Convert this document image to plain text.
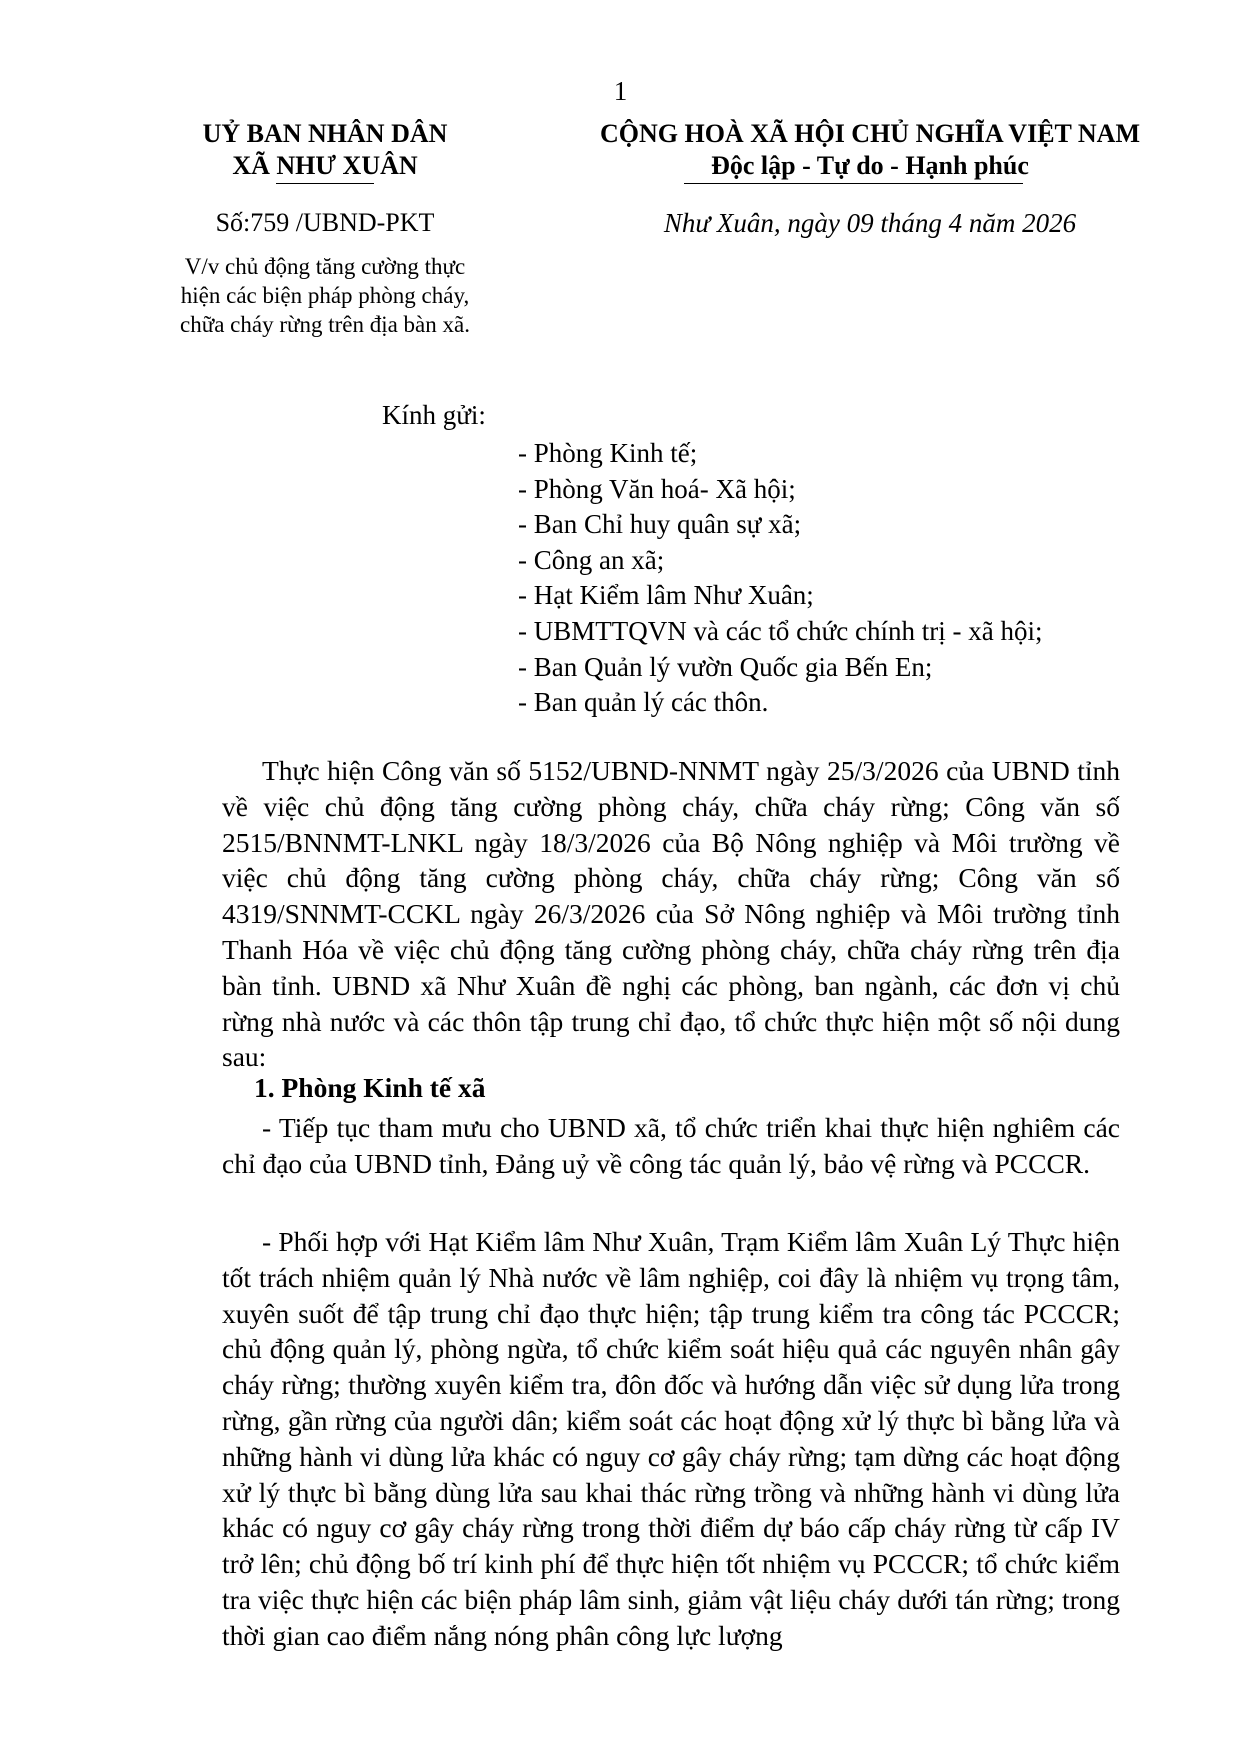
1
UỶ BAN NHÂN DÂN
XÃ NHƯ XUÂN
CỘNG HOÀ XÃ HỘI CHỦ NGHĨA VIỆT NAM
Độc lập - Tự do - Hạnh phúc
Số:759 /UBND-PKT	Như Xuân, ngày 09 tháng 4 năm 2026
V/v chủ động tăng cường thực
hiện các biện pháp phòng cháy,
chữa cháy rừng trên địa bàn xã.
Kính gửi:
- Phòng Kinh tế;
- Phòng Văn hoá- Xã hội;
- Ban Chỉ huy quân sự xã;
- Công an xã;
- Hạt Kiểm lâm Như Xuân;
- UBMTTQVN và các tổ chức chính trị - xã hội;
- Ban Quản lý vườn Quốc gia Bến En;
- Ban quản lý các thôn.

Thực hiện Công văn số 5152/UBND-NNMT ngày 25/3/2026 của UBND tỉnh về việc chủ động tăng cường phòng cháy, chữa cháy rừng; Công văn số 2515/BNNMT-LNKL ngày 18/3/2026 của Bộ Nông nghiệp và Môi trường về việc chủ động tăng cường phòng cháy, chữa cháy rừng; Công văn số 4319/SNNMT-CCKL ngày 26/3/2026 của Sở Nông nghiệp và Môi trường tỉnh Thanh Hóa về việc chủ động tăng cường phòng cháy, chữa cháy rừng trên địa bàn tỉnh. UBND xã Như Xuân đề nghị các phòng, ban ngành, các đơn vị chủ rừng nhà nước và các thôn tập trung chỉ đạo, tổ chức thực hiện một số nội dung sau:

1. Phòng Kinh tế xã

- Tiếp tục tham mưu cho UBND xã, tổ chức triển khai thực hiện nghiêm các chỉ đạo của UBND tỉnh, Đảng uỷ về công tác quản lý, bảo vệ rừng và PCCCR.

- Phối hợp với Hạt Kiểm lâm Như Xuân, Trạm Kiểm lâm Xuân Lý Thực hiện tốt trách nhiệm quản lý Nhà nước về lâm nghiệp, coi đây là nhiệm vụ trọng tâm, xuyên suốt để tập trung chỉ đạo thực hiện; tập trung kiểm tra công tác PCCCR; chủ động quản lý, phòng ngừa, tổ chức kiểm soát hiệu quả các nguyên nhân gây cháy rừng; thường xuyên kiểm tra, đôn đốc và hướng dẫn việc sử dụng lửa trong rừng, gần rừng của người dân; kiểm soát các hoạt động xử lý thực bì bằng lửa và những hành vi dùng lửa khác có nguy cơ gây cháy rừng; tạm dừng các hoạt động xử lý thực bì bằng dùng lửa sau khai thác rừng trồng và những hành vi dùng lửa khác có nguy cơ gây cháy rừng trong thời điểm dự báo cấp cháy rừng từ cấp IV trở lên; chủ động bố trí kinh phí để thực hiện tốt nhiệm vụ PCCCR; tổ chức kiểm tra việc thực hiện các biện pháp lâm sinh, giảm vật liệu cháy dưới tán rừng; trong thời gian cao điểm nắng nóng phân công lực lượng
